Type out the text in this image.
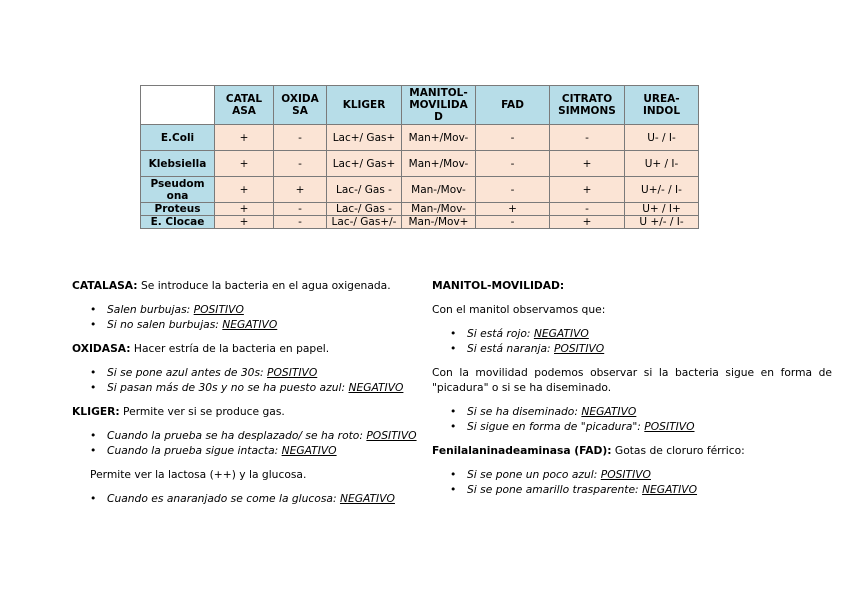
	CATAL ASA	OXIDA SA	KLIGER	MANITOL-MOVILIDA D	FAD	CITRATO SIMMONS	UREA-INDOL
E.Coli	+	-	Lac+/ Gas+	Man+/Mov-	-	-	U- / I-
Klebsiella	+	-	Lac+/ Gas+	Man+/Mov-	-	+	U+ / I-
Pseudom ona	+	+	Lac-/ Gas -	Man-/Mov-	-	+	U+/- / I-
Proteus	+	-	Lac-/ Gas -	Man-/Mov-	+	-	U+ / I+
E. Clocae	+	-	Lac-/ Gas+/-	Man-/Mov+	-	+	U +/- / I-

CATALASA: Se introduce la bacteria en el agua oxigenada.

• Salen burbujas: POSITIVO
• Si no salen burbujas: NEGATIVO

OXIDASA: Hacer estría de la bacteria en papel.

• Si se pone azul antes de 30s: POSITIVO
• Si pasan más de 30s y no se ha puesto azul: NEGATIVO

KLIGER: Permite ver si se produce gas.

• Cuando la prueba se ha desplazado/ se ha roto: POSITIVO
• Cuando la prueba sigue intacta: NEGATIVO

Permite ver la lactosa (++) y la glucosa.

• Cuando es anaranjado se come la glucosa: NEGATIVO

MANITOL-MOVILIDAD:

Con el manitol observamos que:

• Si está rojo: NEGATIVO
• Si está naranja: POSITIVO

Con la movilidad podemos observar si la bacteria sigue en forma de "picadura" o si se ha diseminado.

• Si se ha diseminado: NEGATIVO
• Si sigue en forma de "picadura": POSITIVO

Fenilalaninadeaminasa (FAD): Gotas de cloruro férrico:

• Si se pone un poco azul: POSITIVO
• Si se pone amarillo trasparente: NEGATIVO
